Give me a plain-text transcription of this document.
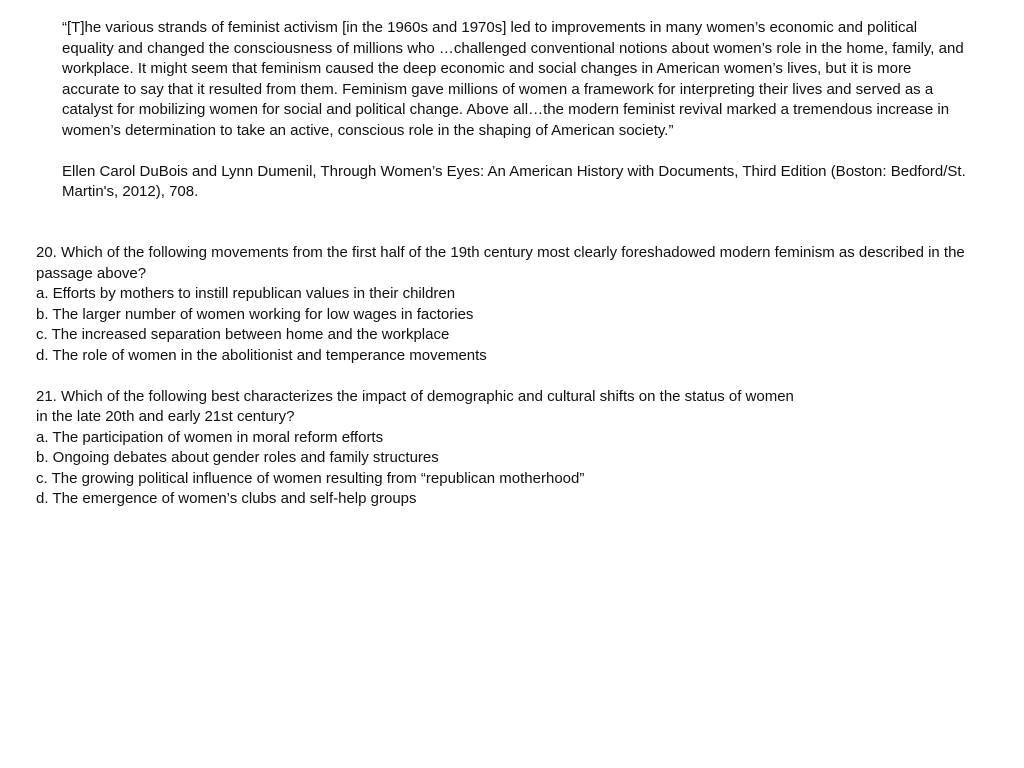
“[T]he various strands of feminist activism [in the 1960s and 1970s] led to improvements in many women’s economic and political equality and changed the consciousness of millions who …challenged conventional notions about women’s role in the home, family, and workplace. It might seem that feminism caused the deep economic and social changes in American women’s lives, but it is more accurate to say that it resulted from them. Feminism gave millions of women a framework for interpreting their lives and served as a catalyst for mobilizing women for social and political change. Above all…the modern feminist revival marked a tremendous increase in women’s determination to take an active, conscious role in the shaping of American society.”

Ellen Carol DuBois and Lynn Dumenil, Through Women’s Eyes: An American History with Documents, Third Edition (Boston: Bedford/St. Martin's, 2012), 708.

20. Which of the following movements from the first half of the 19th century most clearly foreshadowed modern feminism as described in the passage above?

a. Efforts by mothers to instill republican values in their children
b. The larger number of women working for low wages in factories
c. The increased separation between home and the workplace
d. The role of women in the abolitionist and temperance movements
21. Which of the following best characterizes the impact of demographic and cultural shifts on the status of women
in the late 20th and early 21st century?
a. The participation of women in moral reform efforts
b. Ongoing debates about gender roles and family structures
c. The growing political influence of women resulting from “republican motherhood”
d. The emergence of women’s clubs and self-help groups
